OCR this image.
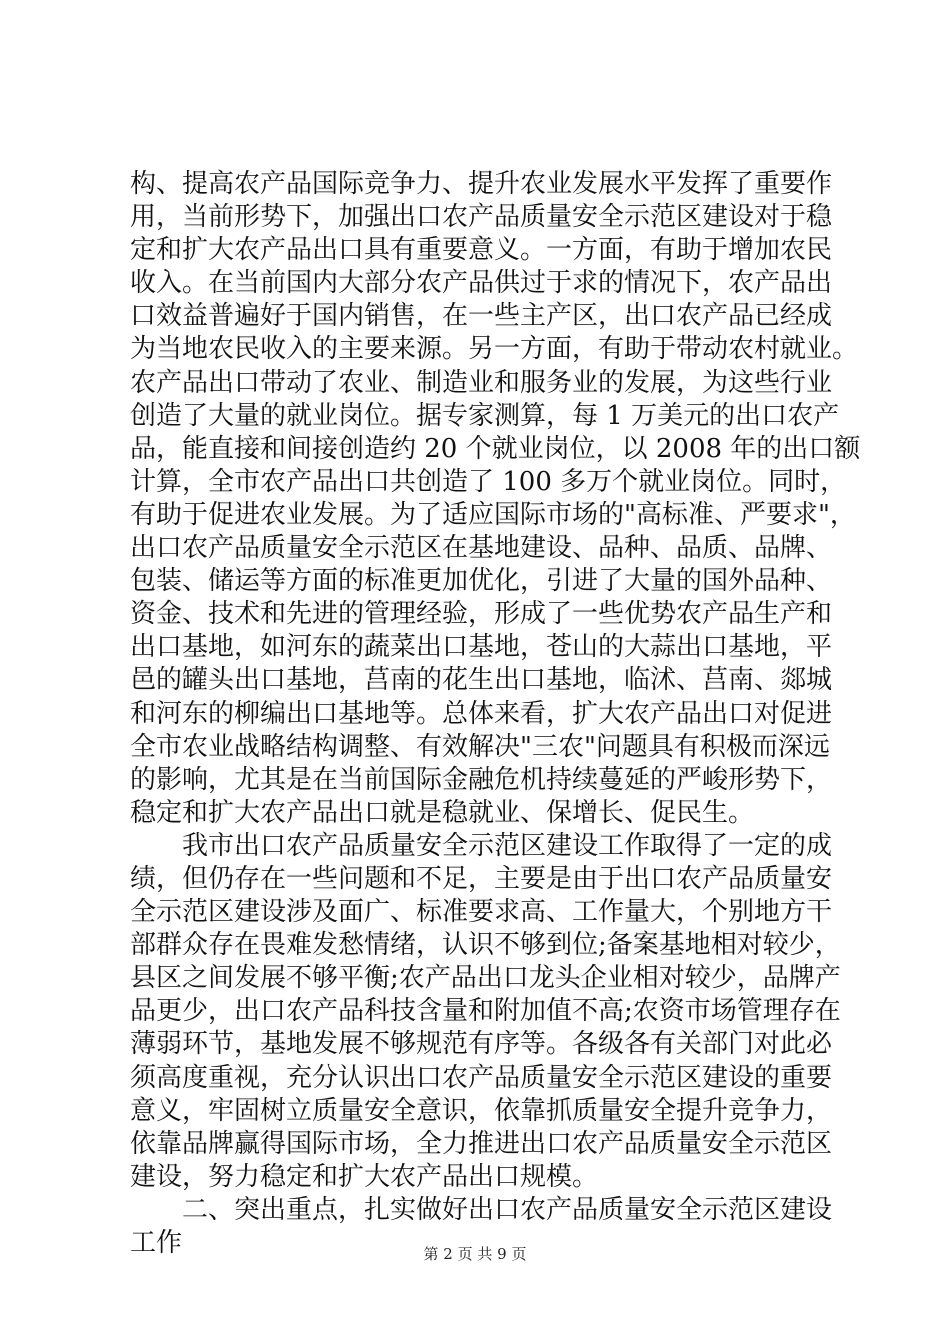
构、提高农产品国际竞争力、提升农业发展水平发挥了重要作
用，当前形势下，加强出口农产品质量安全示范区建设对于稳
定和扩大农产品出口具有重要意义。一方面，有助于增加农民
收入。在当前国内大部分农产品供过于求的情况下，农产品出
口效益普遍好于国内销售，在一些主产区，出口农产品已经成
为当地农民收入的主要来源。另一方面，有助于带动农村就业。
农产品出口带动了农业、制造业和服务业的发展，为这些行业
创造了大量的就业岗位。据专家测算，每 1 万美元的出口农产
品，能直接和间接创造约 20 个就业岗位，以 2008 年的出口额
计算，全市农产品出口共创造了 100 多万个就业岗位。同时，
有助于促进农业发展。为了适应国际市场的"高标准、严要求"，
出口农产品质量安全示范区在基地建设、品种、品质、品牌、
包装、储运等方面的标准更加优化，引进了大量的国外品种、
资金、技术和先进的管理经验，形成了一些优势农产品生产和
出口基地，如河东的蔬菜出口基地，苍山的大蒜出口基地，平
邑的罐头出口基地，莒南的花生出口基地，临沭、莒南、郯城
和河东的柳编出口基地等。总体来看，扩大农产品出口对促进
全市农业战略结构调整、有效解决"三农"问题具有积极而深远
的影响，尤其是在当前国际金融危机持续蔓延的严峻形势下，
稳定和扩大农产品出口就是稳就业、保增长、促民生。
我市出口农产品质量安全示范区建设工作取得了一定的成
绩，但仍存在一些问题和不足，主要是由于出口农产品质量安
全示范区建设涉及面广、标准要求高、工作量大，个别地方干
部群众存在畏难发愁情绪，认识不够到位;备案基地相对较少，
县区之间发展不够平衡;农产品出口龙头企业相对较少，品牌产
品更少，出口农产品科技含量和附加值不高;农资市场管理存在
薄弱环节，基地发展不够规范有序等。各级各有关部门对此必
须高度重视，充分认识出口农产品质量安全示范区建设的重要
意义，牢固树立质量安全意识，依靠抓质量安全提升竞争力，
依靠品牌赢得国际市场，全力推进出口农产品质量安全示范区
建设，努力稳定和扩大农产品出口规模。
二、突出重点，扎实做好出口农产品质量安全示范区建设
工作	第 2 页 共 9 页
